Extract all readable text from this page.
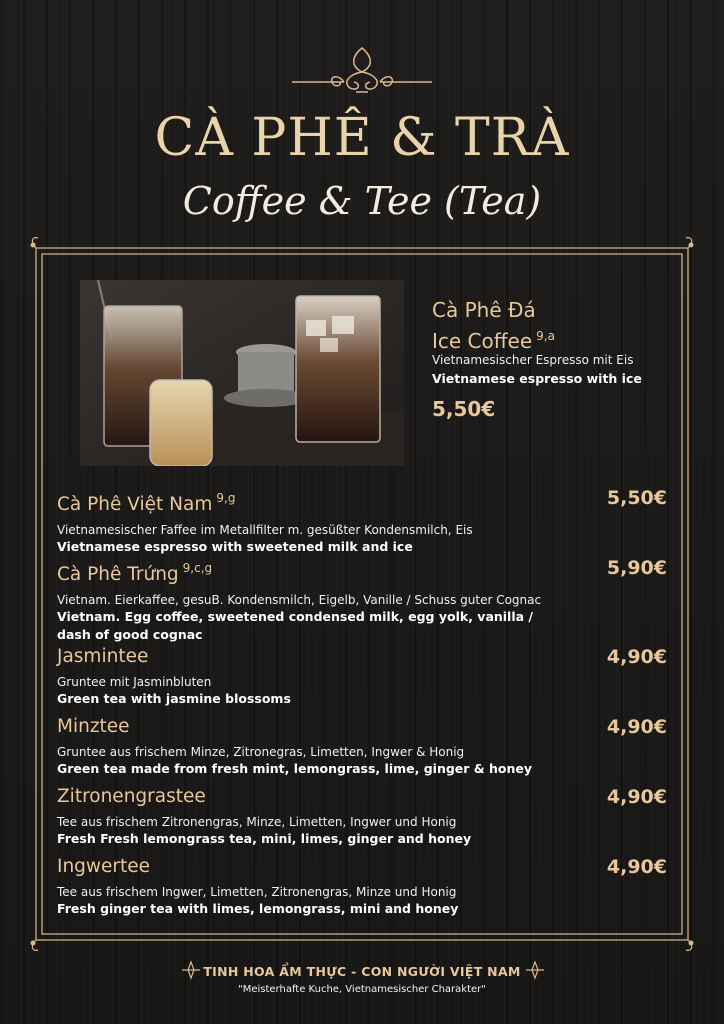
CÀ PHÊ & TRÀ
Coffee & Tee (Tea)
Cà Phê Đá
Ice Coffee $^{9,a}$
Vietnamesischer Espresso mit Eis
Vietnamese espresso with ice
5,50€
Cà Phê Việt Nam $^{9,g}$
Vietnamesischer Faffee im Metallfilter m. gesüßter Kondensmilch, Eis
Vietnamese espresso with sweetened milk and ice
5,50€
Cà Phê Trứng $^{9,c,g}$
Vietnam. Eierkaffee, gesuB. Kondensmilch, Eigelb, Vanille / Schuss guter Cognac
Vietnam. Egg coffee, sweetened condensed milk, egg yolk, vanilla /
dash of good cognac
5,90€
Jasmintee
Gruntee mit Jasminbluten
Green tea with jasmine blossoms
4,90€
Minztee
Gruntee aus frischem Minze, Zitronegras, Limetten, Ingwer & Honig
Green tea made from fresh mint, lemongrass, lime, ginger & honey
4,90€
Zitronengrastee
Tee aus frischem Zitronengras, Minze, Limetten, Ingwer und Honig
Fresh Fresh lemongrass tea, mini, limes, ginger and honey
4,90€
Ingwertee
Tee aus frischem Ingwer, Limetten, Zitronengras, Minze und Honig
Fresh ginger tea with limes, lemongrass, mini and honey
4,90€
TINH HOA ẨM THỰC - CON NGƯỜI VIỆT NAM
"Meisterhafte Kuche, Vietnamesischer Charakter"
